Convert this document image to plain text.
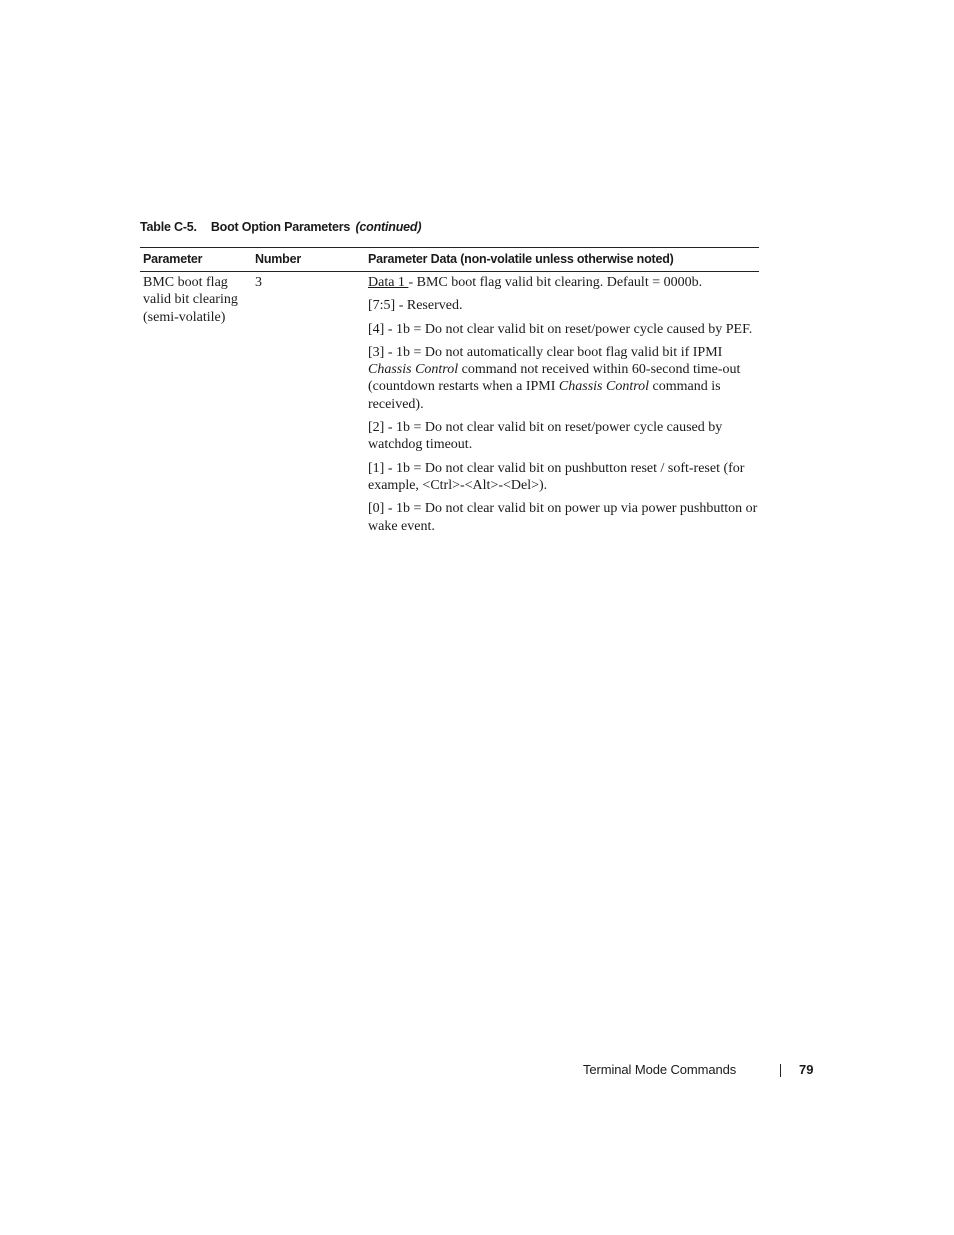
Table C-5. Boot Option Parameters (continued)
Parameter	Number	Parameter Data (non-volatile unless otherwise noted)
BMC boot flag
valid bit clearing
(semi-volatile)
3	Data 1 - BMC boot flag valid bit clearing. Default = 0000b.

[7:5] - Reserved.

[4] - 1b = Do not clear valid bit on reset/power cycle caused by PEF.

[3] - 1b = Do not automatically clear boot flag valid bit if IPMI Chassis Control command not received within 60-second time-out (countdown restarts when a IPMI Chassis Control command is received).

[2] - 1b = Do not clear valid bit on reset/power cycle caused by watchdog timeout.

[1] - 1b = Do not clear valid bit on pushbutton reset / soft-reset (for example, <Ctrl>-<Alt>-<Del>).

[0] - 1b = Do not clear valid bit on power up via power pushbutton or wake event.

Terminal Mode Commands	79
